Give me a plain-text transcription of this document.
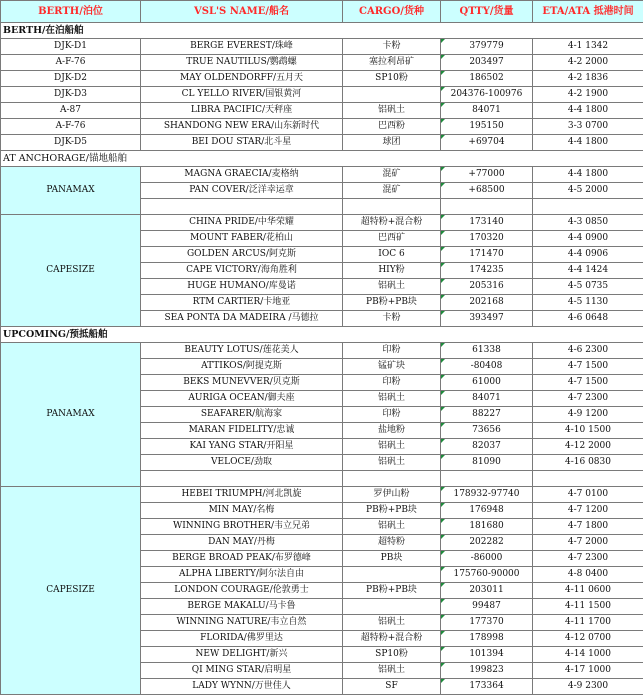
BERTH/泊位	VSL'S NAME/船名	CARGO/货种	QTTY/货量	ETA/ATA 抵港时间
BERTH/在泊船舶				
DJK-D1	BERGE EVEREST/珠峰	卡粉	379779	4-1 1342
A-F-76	TRUE NAUTILUS/鹦鹉螺	塞拉利昂矿	203497	4-2 2000
DJK-D2	MAY OLDENDORFF/五月天	SP10粉	186502	4-2 1836
DJK-D3	CL YELLO RIVER/国银黄河		204376-100976	4-2 1900
A-87	LIBRA PACIFIC/天秤座	铝矾土	84071	4-4 1800
A-F-76	SHANDONG NEW ERA/山东新时代	巴西粉	195150	3-3 0700
DJK-D5	BEI DOU STAR/北斗星	球团	+69704	4-4 1800
AT ANCHORAGE/锚地船舶				
PANAMAX	MAGNA GRAECIA/麦格纳	混矿	+77000	4-4 1800
	PAN COVER/泛洋幸运章	混矿	+68500	4-5 2000

CAPESIZE	CHINA PRIDE/中华荣耀	超特粉+混合粉	173140	4-3 0850
	MOUNT FABER/花柏山	巴西矿	170320	4-4 0900
	GOLDEN ARCUS/阿克斯	IOC 6	171470	4-4 0906
	CAPE VICTORY/海角胜利	HIY粉	174235	4-4 1424
	HUGE HUMANO/库曼诺	铝矾土	205316	4-5 0735
	RTM CARTIER/卡地亚	PB粉+PB块	202168	4-5 1130
	SEA PONTA DA MADEIRA /马德拉	卡粉	393497	4-6 0648
UPCOMING/预抵船舶				
PANAMAX	BEAUTY LOTUS/莲花美人	印粉	61338	4-6 2300
	ATTIKOS/阿提克斯	锰矿块	-80408	4-7 1500
	BEKS MUNEVVER/贝克斯	印粉	61000	4-7 1500
	AURIGA OCEAN/御夫座	铝矾土	84071	4-7 2300
	SEAFARER/航海家	印粉	88227	4-9 1200
	MARAN FIDELITY/忠诚	盐地粉	73656	4-10 1500
	KAI YANG STAR/开阳星	铝矾土	82037	4-12 2000
	VELOCE/劲取	铝矾土	81090	4-16 0830

CAPESIZE	HEBEI TRIUMPH/河北凯旋	罗伊山粉	178932-97740	4-7 0100
	MIN MAY/名梅	PB粉+PB块	176948	4-7 1200
	WINNING BROTHER/韦立兄弟	铝矾土	181680	4-7 1800
	DAN MAY/丹梅	超特粉	202282	4-7 2000
	BERGE BROAD PEAK/布罗德峰	PB块	-86000	4-7 2300
	ALPHA LIBERTY/阿尔法自由		175760-90000	4-8 0400
	LONDON COURAGE/伦敦勇士	PB粉+PB块	203011	4-11 0600
	BERGE MAKALU/马卡鲁		99487	4-11 1500
	WINNING NATURE/韦立自然	铝矾土	177370	4-11 1700
	FLORIDA/佛罗里达	超特粉+混合粉	178998	4-12 0700
	NEW DELIGHT/新兴	SP10粉	101394	4-14 1000
	QI MING STAR/启明星	铝矾土	199823	4-17 1000
	LADY WYNN/万世佳人	SF	173364	4-9 2300
